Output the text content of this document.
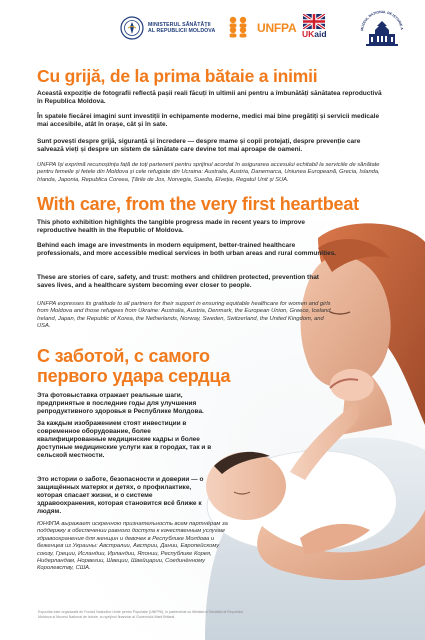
MINISTERUL SĂNĂTĂȚII
AL REPUBLICII MOLDOVA	UNFPA UKaid	MUZEUL NAȚIONAL DE ISTORIE A
Cu grijă, de la prima bătaie a inimii

Această expoziție de fotografii reflectă pașii reali făcuți în ultimii ani pentru a îmbunătăți sănătatea reproductivă în Republica Moldova.

În spatele fiecărei imagini sunt investiții în echipamente moderne, medici mai bine pregătiți și servicii medicale mai accesibile, atât în orașe, cât și în sate.

Sunt povești despre grijă, siguranță și încredere — despre mame și copii protejați, despre prevenție care salvează vieți și despre un sistem de sănătate care devine tot mai aproape de oameni.

UNFPA își exprimă recunoștința față de toți partenerii pentru sprijinul acordat în asigurarea accesului echitabil la serviciile de sănătate pentru femeile și fetele din Moldova și cele refugiate din Ucraina: Australia, Austria, Danemarca, Uniunea Europeană, Grecia, Islanda, Irlanda, Japonia, Republica Coreea, Țările de Jos, Norvegia, Suedia, Elveția, Regatul Unit și SUA.

With care, from the very first heartbeat

This photo exhibition highlights the tangible progress made in recent years to improve reproductive health in the Republic of Moldova.

Behind each image are investments in modern equipment, better-trained healthcare professionals, and more accessible medical services in both urban areas and rural communities.

These are stories of care, safety, and trust: mothers and children protected, prevention that saves lives, and a healthcare system becoming ever closer to people.

UNFPA expresses its gratitude to all partners for their support in ensuring equitable healthcare for women and girls from Moldova and those refugees from Ukraine: Australia, Austria, Denmark, the European Union, Greece, Iceland, Ireland, Japan, the Republic of Korea, the Netherlands, Norway, Sweden, Switzerland, the United Kingdom, and USA.

С заботой, с самого первого удара сердца

Эта фотовыставка отражает реальные шаги, предпринятые в последние годы для улучшения репродуктивного здоровья в Республике Молдова.

За каждым изображением стоят инвестиции в современное оборудование, более квалифицированные медицинские кадры и более доступные медицинские услуги как в городах, так и в сельской местности.

Это истории о заботе, безопасности и доверии — о защищённых матерях и детях, о профилактике, которая спасает жизни, и о системе здравоохранения, которая становится всё ближе к людям.

ЮНФПА выражает искренною признательность всем партнёрам за поддержку в обеспечении равного доступа к качественным услугам здравоохранения для женщин и девочек в Республике Молдова и беженцев из Украины: Австралии, Австрии, Дании, Европейскому союзу, Греции, Исландии, Ирландии, Японии, Республике Корея, Нидерландам, Норвегии, Швеции, Швейцарии, Соединённому Королевству, США.

Expoziția este organizată de Fondul Națiunilor Unite pentru Populație (UNFPA), în parteneriat cu Ministerul Sănătății al Republicii Moldova și Muzeul Național de Istorie, cu sprijinul financiar al Guvernului Marii Britanii.
